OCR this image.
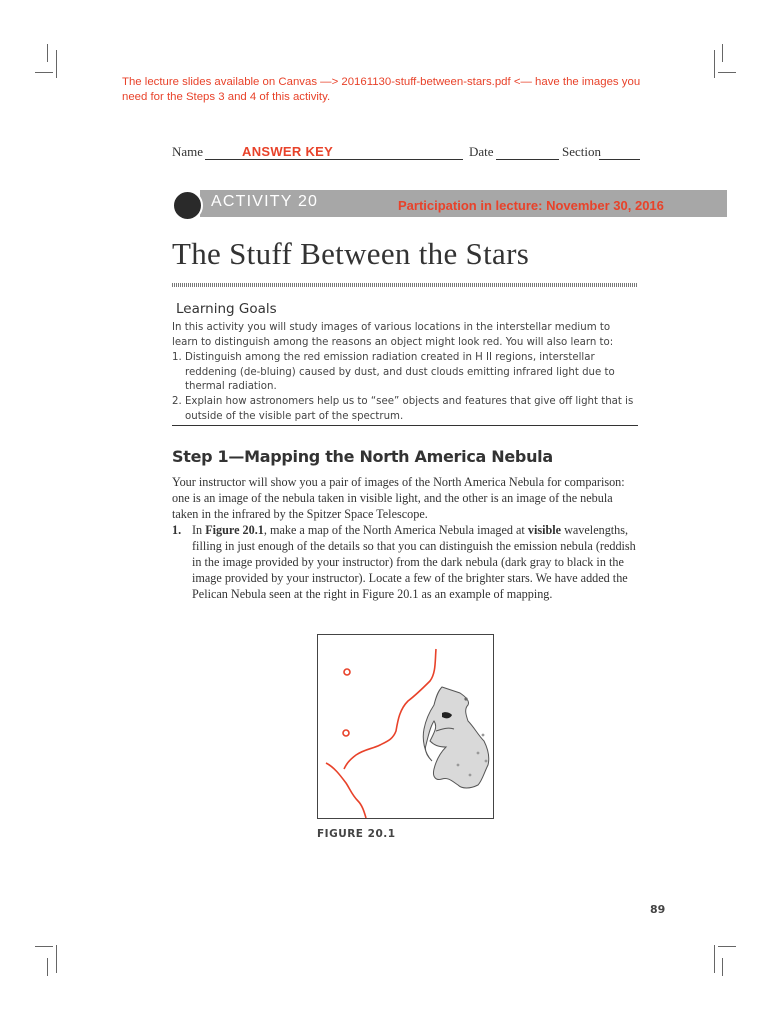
The lecture slides available on Canvas —> 20161130-stuff-between-stars.pdf <— have the images you
need for the Steps 3 and 4 of this activity.
Name	Date	Section
ANSWER KEY
ACTIVITY 20	Participation in lecture: November 30, 2016
The Stuff Between the Stars
Learning Goals

In this activity you will study images of various locations in the interstellar medium to learn to distinguish among the reasons an object might look red. You will also learn to:

1. Distinguish among the red emission radiation created in H II regions, interstellar reddening (de-bluing) caused by dust, and dust clouds emitting infrared light due to thermal radiation.

2. Explain how astronomers help us to “see” objects and features that give off light that is outside of the visible part of the spectrum.

Step 1—Mapping the North America Nebula

Your instructor will show you a pair of images of the North America Nebula for comparison: one is an image of the nebula taken in visible light, and the other is an image of the nebula taken in the infrared by the Spitzer Space Telescope.

1. In Figure 20.1, make a map of the North America Nebula imaged at visible wavelengths, filling in just enough of the details so that you can distinguish the emission nebula (reddish in the image provided by your instructor) from the dark nebula (dark gray to black in the image provided by your instructor). Locate a few of the brighter stars. We have added the Pelican Nebula seen at the right in Figure 20.1 as an example of mapping.

FIGURE 20.1
89
